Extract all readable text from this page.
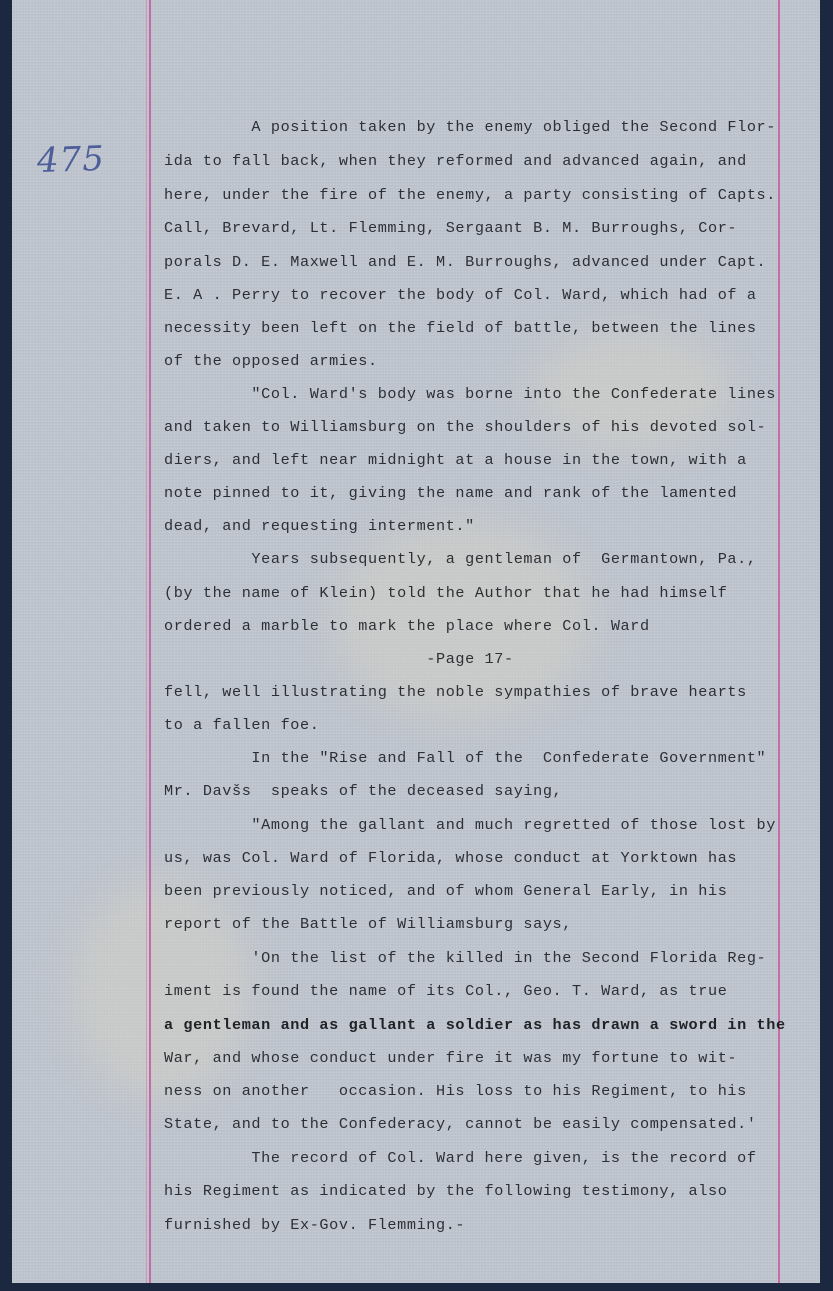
475
A position taken by the enemy obliged the Second Flor-
ida to fall back, when they reformed and advanced again, and
here, under the fire of the enemy, a party consisting of Capts.
Call, Brevard, Lt. Flemming, Sergaant B. M. Burroughs, Cor-
porals D. E. Maxwell and E. M. Burroughs, advanced under Capt.
E. A . Perry to recover the body of Col. Ward, which had of a
necessity been left on the field of battle, between the lines
of the opposed armies.
"Col. Ward's body was borne into the Confederate lines
and taken to Williamsburg on the shoulders of his devoted sol-
diers, and left near midnight at a house in the town, with a
note pinned to it, giving the name and rank of the lamented
dead, and requesting interment."
Years subsequently, a gentleman of  Germantown, Pa.,
(by the name of Klein) told the Author that he had himself
ordered a marble to mark the place where Col. Ward
-Page 17-
fell, well illustrating the noble sympathies of brave hearts
to a fallen foe.
In the "Rise and Fall of the  Confederate Government"
Mr. Davšs  speaks of the deceased saying,
"Among the gallant and much regretted of those lost by
us, was Col. Ward of Florida, whose conduct at Yorktown has
been previously noticed, and of whom General Early, in his
report of the Battle of Williamsburg says,
'On the list of the killed in the Second Florida Reg-
iment is found the name of its Col., Geo. T. Ward, as true
a gentleman and as gallant a soldier as has drawn a sword in the
War, and whose conduct under fire it was my fortune to wit-
ness on another   occasion. His loss to his Regiment, to his
State, and to the Confederacy, cannot be easily compensated.'
The record of Col. Ward here given, is the record of
his Regiment as indicated by the following testimony, also
furnished by Ex-Gov. Flemming.-
